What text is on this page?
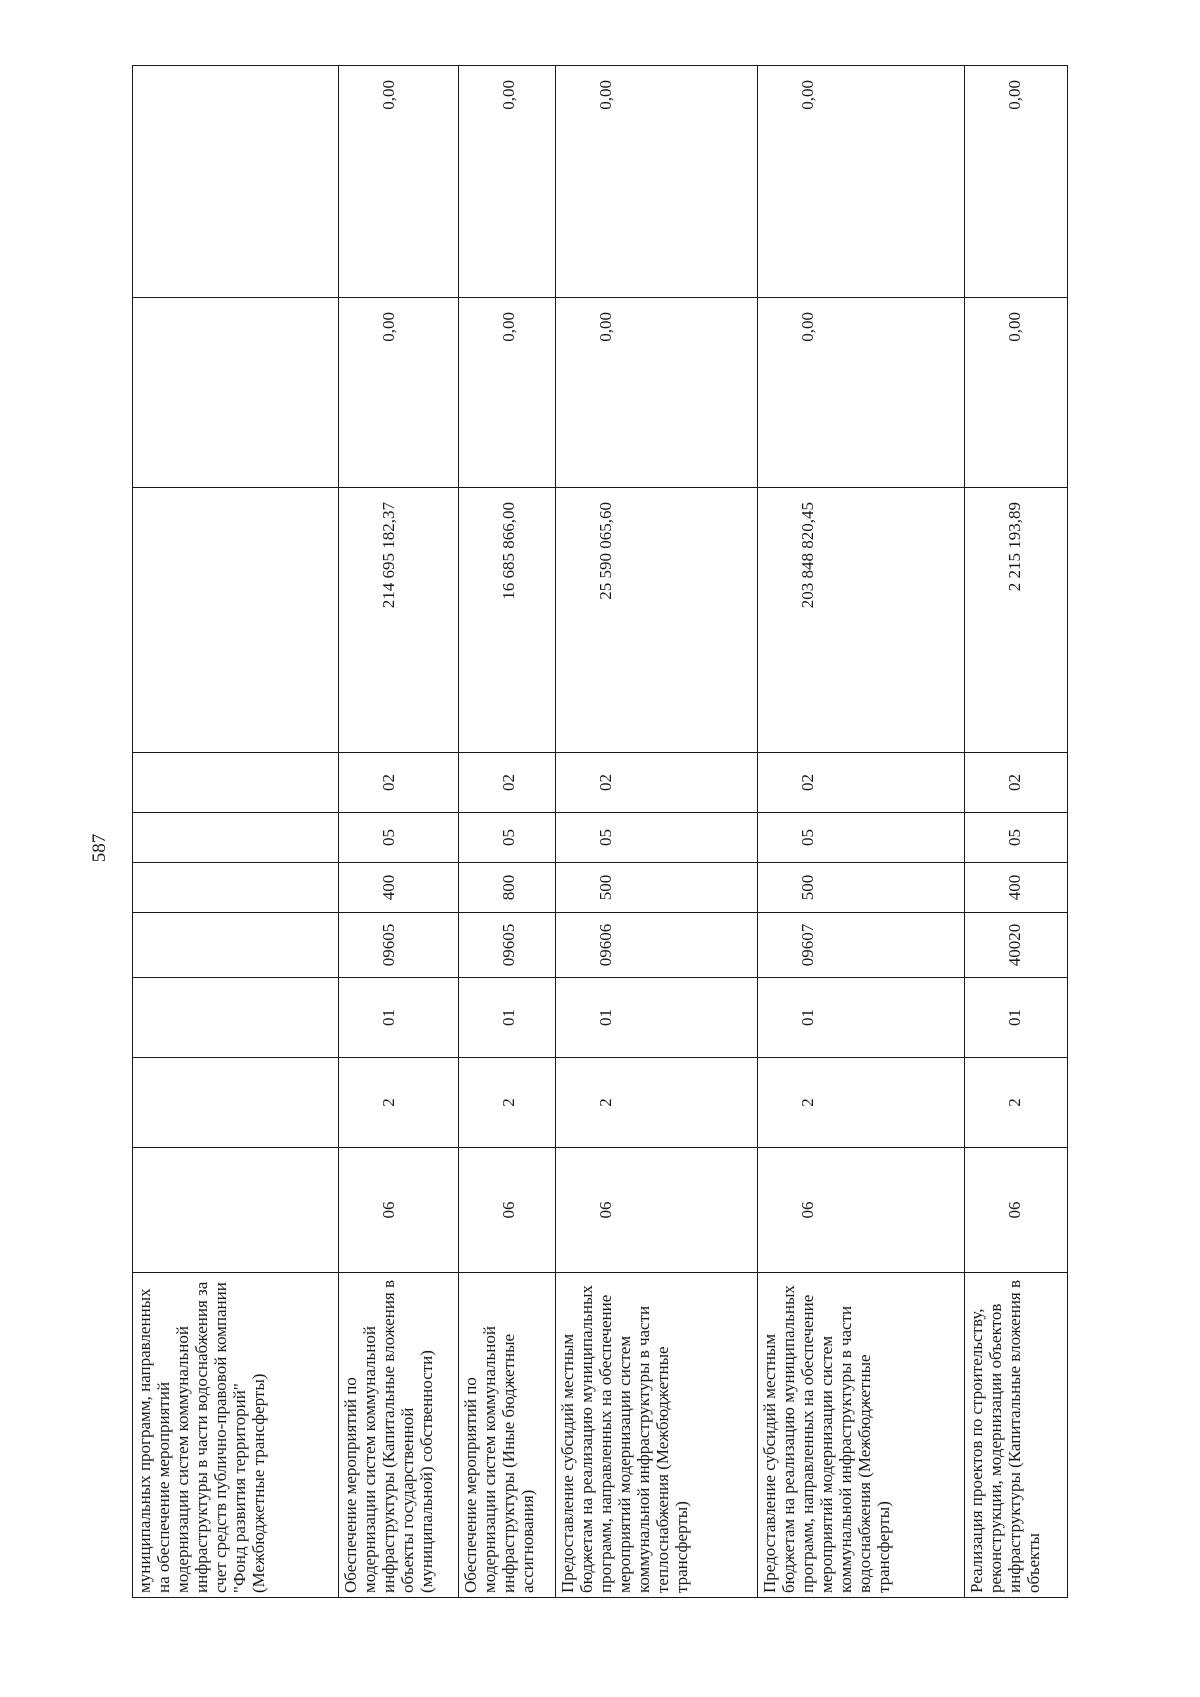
587
муниципальных программ, направленных на обеспечение мероприятий модернизации систем коммунальной инфраструктуры в части водоснабжения за счет средств публично-правовой компании "Фонд развития территорий" (Межбюджетные трансферты)										
Обеспечение мероприятий по модернизации систем коммунальной инфраструктуры (Капитальные вложения в объекты государственной (муниципальной) собственности)	06	2	01	09605	400	05	02	214 695 182,37	0,00	0,00
Обеспечение мероприятий по модернизации систем коммунальной инфраструктуры (Иные бюджетные ассигнования)	06	2	01	09605	800	05	02	16 685 866,00	0,00	0,00
Предоставление субсидий местным бюджетам на реализацию муниципальных программ, направленных на обеспечение мероприятий модернизации систем коммунальной инфраструктуры в части теплоснабжения (Межбюджетные трансферты)	06	2	01	09606	500	05	02	25 590 065,60	0,00	0,00
Предоставление субсидий местным бюджетам на реализацию муниципальных программ, направленных на обеспечение мероприятий модернизации систем коммунальной инфраструктуры в части водоснабжения (Межбюджетные трансферты)	06	2	01	09607	500	05	02	203 848 820,45	0,00	0,00
Реализация проектов по строительству, реконструкции, модернизации объектов инфраструктуры (Капитальные вложения в объекты	06	2	01	40020	400	05	02	2 215 193,89	0,00	0,00
